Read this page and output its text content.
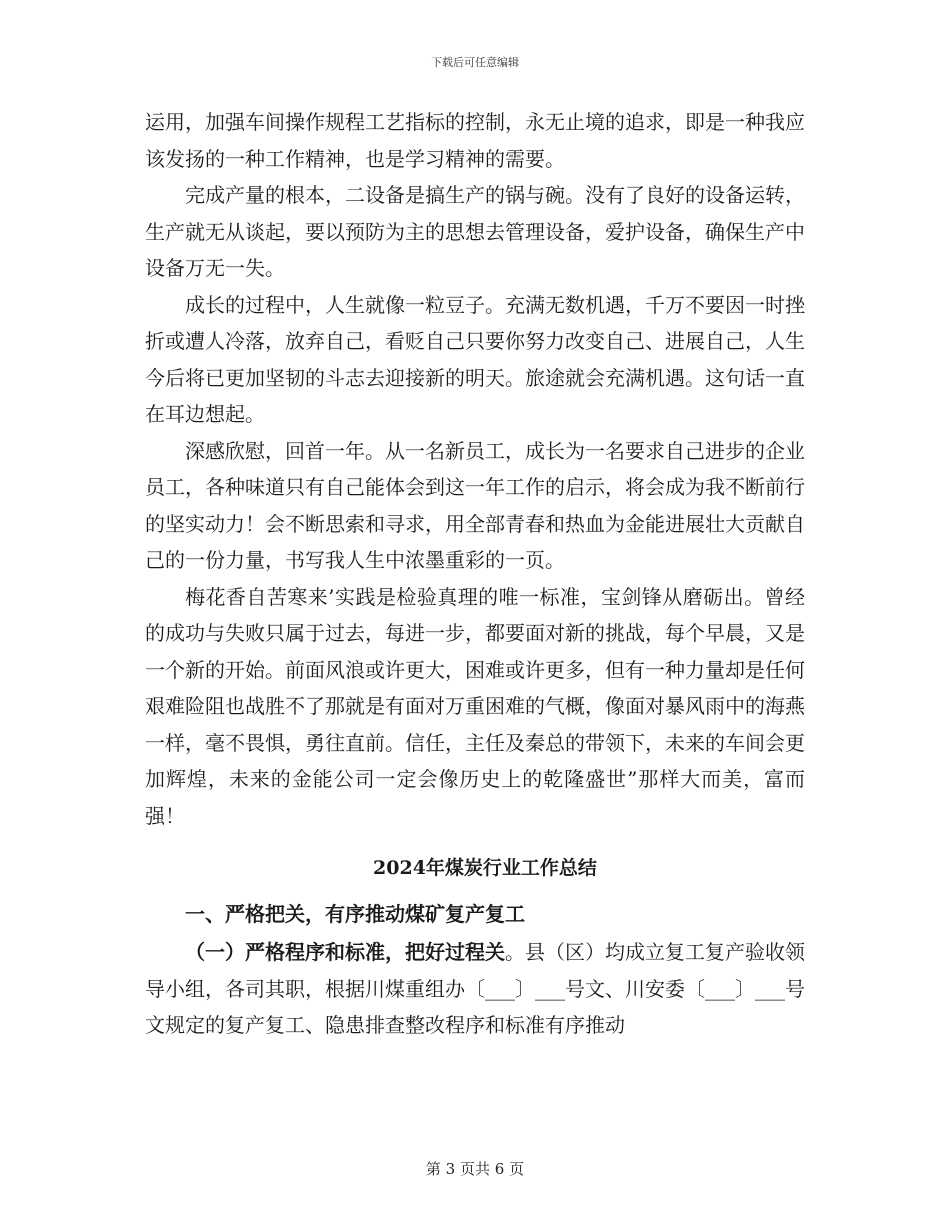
下载后可任意编辑

运用，加强车间操作规程工艺指标的控制，永无止境的追求，即是一种我应该发扬的一种工作精神，也是学习精神的需要。

完成产量的根本，二设备是搞生产的锅与碗。没有了良好的设备运转，生产就无从谈起，要以预防为主的思想去管理设备，爱护设备，确保生产中设备万无一失。

成长的过程中，人生就像一粒豆子。充满无数机遇，千万不要因一时挫折或遭人冷落，放弃自己，看贬自己只要你努力改变自己、进展自己，人生今后将已更加坚韧的斗志去迎接新的明天。旅途就会充满机遇。这句话一直在耳边想起。

深感欣慰，回首一年。从一名新员工，成长为一名要求自己进步的企业员工，各种味道只有自己能体会到这一年工作的启示，将会成为我不断前行的坚实动力！会不断思索和寻求，用全部青春和热血为金能进展壮大贡献自己的一份力量，书写我人生中浓墨重彩的一页。

梅花香自苦寒来’实践是检验真理的唯一标准，宝剑锋从磨砺出。曾经的成功与失败只属于过去，每进一步，都要面对新的挑战，每个早晨，又是一个新的开始。前面风浪或许更大，困难或许更多，但有一种力量却是任何艰难险阻也战胜不了那就是有面对万重困难的气概，像面对暴风雨中的海燕一样，毫不畏惧，勇往直前。信任，主任及秦总的带领下，未来的车间会更加辉煌，未来的金能公司一定会像历史上的乾隆盛世”那样大而美，富而强！

2024年煤炭行业工作总结
一、严格把关，有序推动煤矿复产复工

（一）严格程序和标准，把好过程关。县（区）均成立复工复产验收领导小组，各司其职，根据川煤重组办〔___〕___号文、川安委〔___〕___号文规定的复产复工、隐患排查整改程序和标准有序推动

第 3 页共 6 页
